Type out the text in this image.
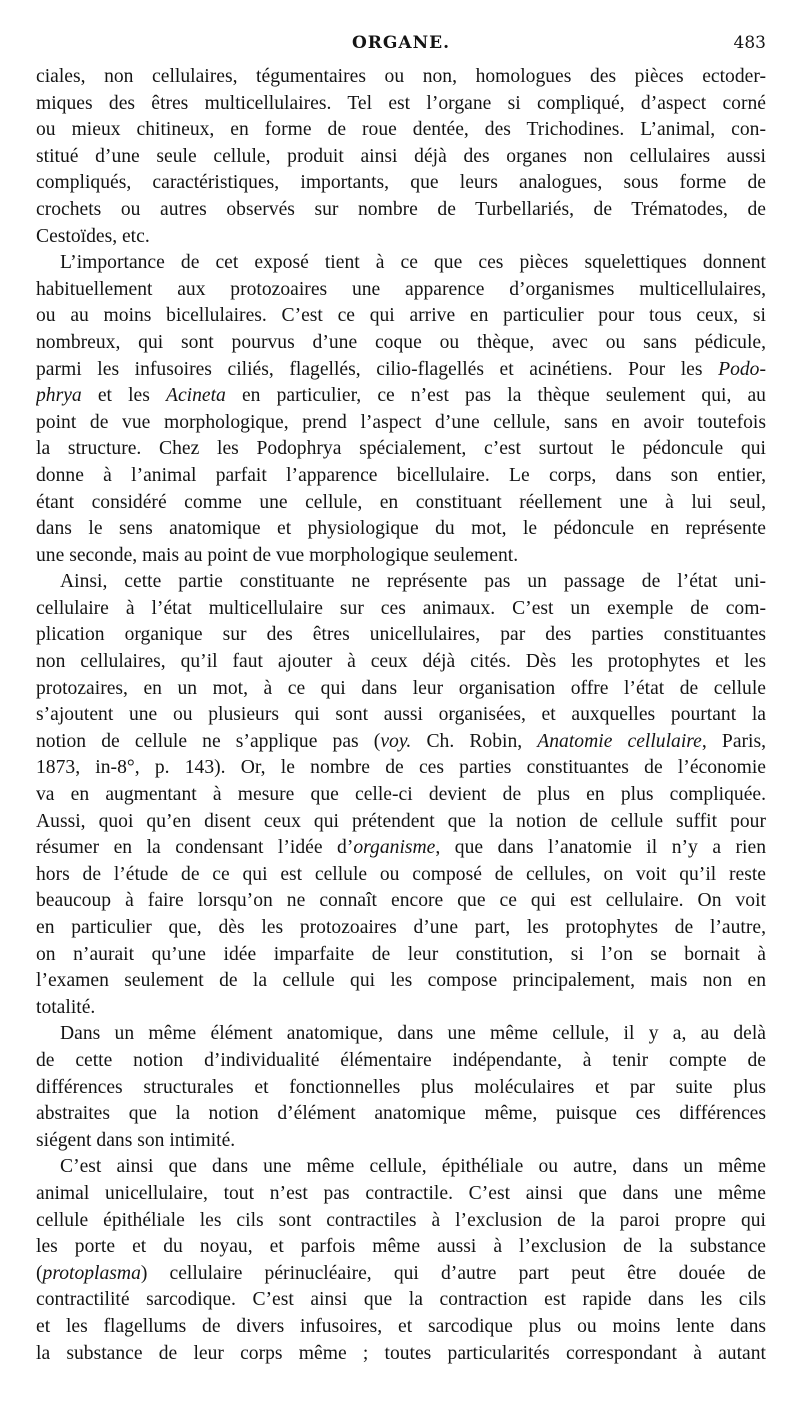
ORGANE.	483
ciales, non cellulaires, tégumentaires ou non, homologues des pièces ectoder-
miques des êtres multicellulaires. Tel est l’organe si compliqué, d’aspect corné
ou mieux chitineux, en forme de roue dentée, des Trichodines. L’animal, con-
stitué d’une seule cellule, produit ainsi déjà des organes non cellulaires aussi
compliqués, caractéristiques, importants, que leurs analogues, sous forme de
crochets ou autres observés sur nombre de Turbellariés, de Trématodes, de
Cestoïdes, etc.
L’importance de cet exposé tient à ce que ces pièces squelettiques donnent
habituellement aux protozoaires une apparence d’organismes multicellulaires,
ou au moins bicellulaires. C’est ce qui arrive en particulier pour tous ceux, si
nombreux, qui sont pourvus d’une coque ou thèque, avec ou sans pédicule,
parmi les infusoires ciliés, flagellés, cilio-flagellés et acinétiens. Pour les Podo-
phrya et les Acineta en particulier, ce n’est pas la thèque seulement qui, au
point de vue morphologique, prend l’aspect d’une cellule, sans en avoir toutefois
la structure. Chez les Podophrya spécialement, c’est surtout le pédoncule qui
donne à l’animal parfait l’apparence bicellulaire. Le corps, dans son entier,
étant considéré comme une cellule, en constituant réellement une à lui seul,
dans le sens anatomique et physiologique du mot, le pédoncule en représente
une seconde, mais au point de vue morphologique seulement.
Ainsi, cette partie constituante ne représente pas un passage de l’état uni-
cellulaire à l’état multicellulaire sur ces animaux. C’est un exemple de com-
plication organique sur des êtres unicellulaires, par des parties constituantes
non cellulaires, qu’il faut ajouter à ceux déjà cités. Dès les protophytes et les
protozaires, en un mot, à ce qui dans leur organisation offre l’état de cellule
s’ajoutent une ou plusieurs qui sont aussi organisées, et auxquelles pourtant la
notion de cellule ne s’applique pas (voy. Ch. Robin, Anatomie cellulaire, Paris,
1873, in-8°, p. 143). Or, le nombre de ces parties constituantes de l’économie
va en augmentant à mesure que celle-ci devient de plus en plus compliquée.
Aussi, quoi qu’en disent ceux qui prétendent que la notion de cellule suffit pour
résumer en la condensant l’idée d’organisme, que dans l’anatomie il n’y a rien
hors de l’étude de ce qui est cellule ou composé de cellules, on voit qu’il reste
beaucoup à faire lorsqu’on ne connaît encore que ce qui est cellulaire. On voit
en particulier que, dès les protozoaires d’une part, les protophytes de l’autre,
on n’aurait qu’une idée imparfaite de leur constitution, si l’on se bornait à
l’examen seulement de la cellule qui les compose principalement, mais non en
totalité.
Dans un même élément anatomique, dans une même cellule, il y a, au delà
de cette notion d’individualité élémentaire indépendante, à tenir compte de
différences structurales et fonctionnelles plus moléculaires et par suite plus
abstraites que la notion d’élément anatomique même, puisque ces différences
siégent dans son intimité.
C’est ainsi que dans une même cellule, épithéliale ou autre, dans un même
animal unicellulaire, tout n’est pas contractile. C’est ainsi que dans une même
cellule épithéliale les cils sont contractiles à l’exclusion de la paroi propre qui
les porte et du noyau, et parfois même aussi à l’exclusion de la substance
(protoplasma) cellulaire périnucléaire, qui d’autre part peut être douée de
contractilité sarcodique. C’est ainsi que la contraction est rapide dans les cils
et les flagellums de divers infusoires, et sarcodique plus ou moins lente dans
la substance de leur corps même ; toutes particularités correspondant à autant
